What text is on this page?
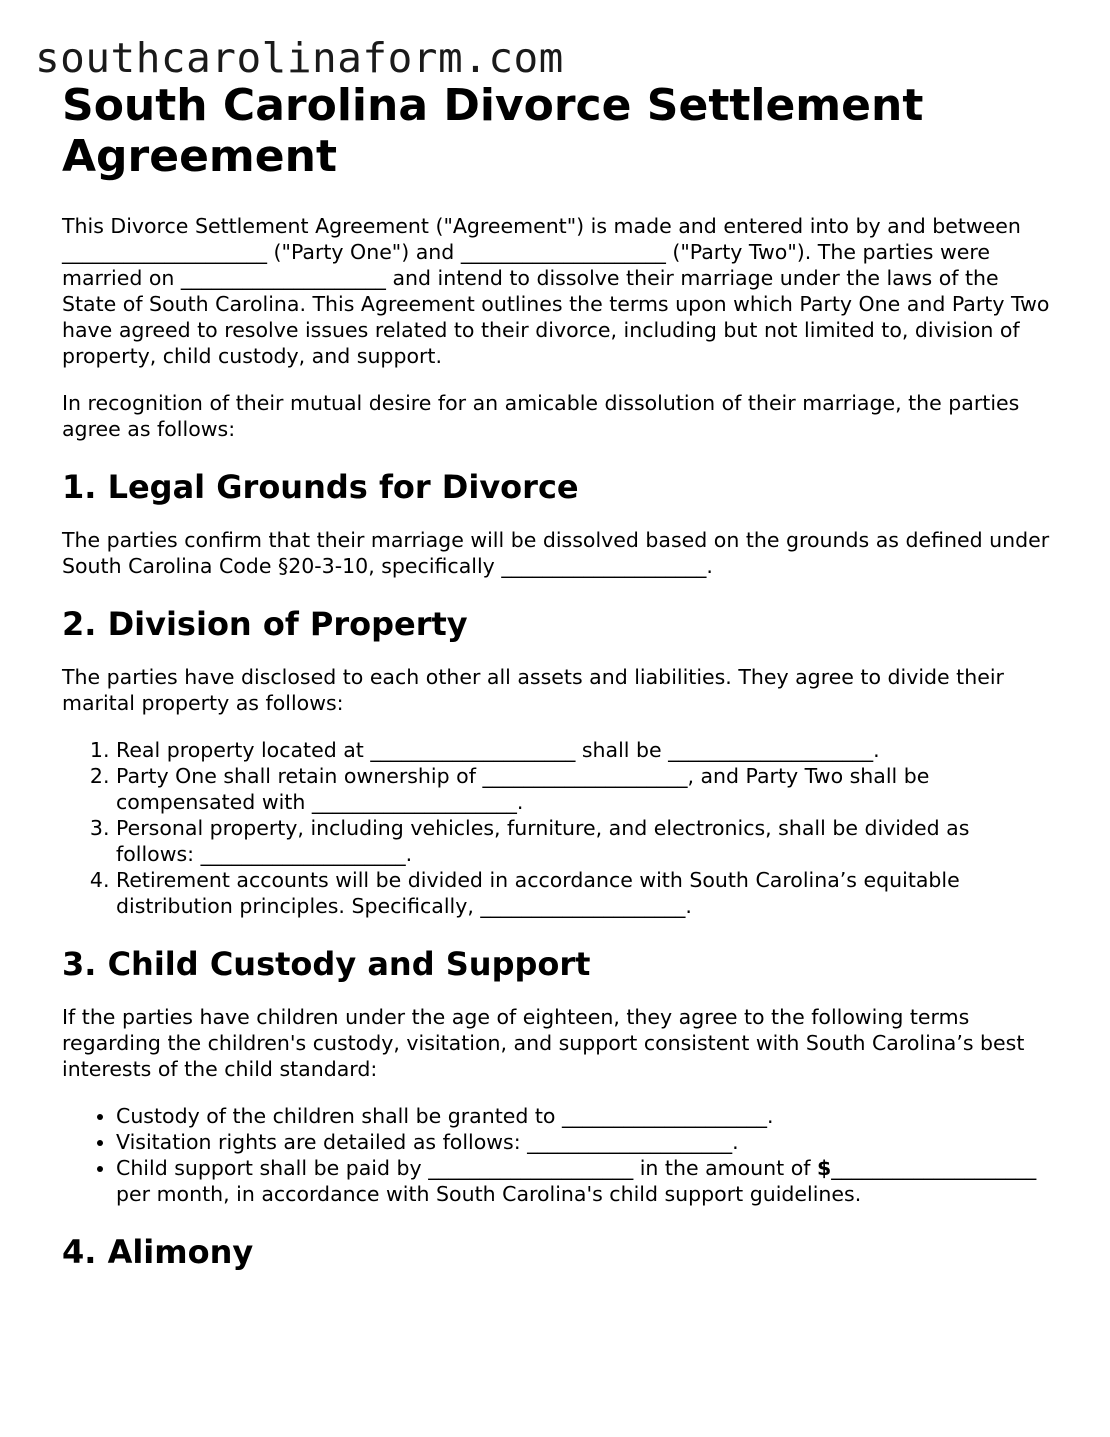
southcarolinaform.com
South Carolina Divorce Settlement Agreement

This Divorce Settlement Agreement ("Agreement") is made and entered into by and between ____________________ ("Party One") and ____________________ ("Party Two"). The parties were married on ____________________ and intend to dissolve their marriage under the laws of the State of South Carolina. This Agreement outlines the terms upon which Party One and Party Two have agreed to resolve issues related to their divorce, including but not limited to, division of property, child custody, and support.

In recognition of their mutual desire for an amicable dissolution of their marriage, the parties agree as follows:

1. Legal Grounds for Divorce

The parties confirm that their marriage will be dissolved based on the grounds as defined under South Carolina Code §20-3-10, specifically ____________________.

2. Division of Property

The parties have disclosed to each other all assets and liabilities. They agree to divide their marital property as follows:

1. Real property located at ____________________ shall be ____________________.
2. Party One shall retain ownership of ____________________, and Party Two shall be compensated with ____________________.
3. Personal property, including vehicles, furniture, and electronics, shall be divided as follows: ____________________.
4. Retirement accounts will be divided in accordance with South Carolina’s equitable distribution principles. Specifically, ____________________.
3. Child Custody and Support

If the parties have children under the age of eighteen, they agree to the following terms regarding the children's custody, visitation, and support consistent with South Carolina’s best interests of the child standard:

• Custody of the children shall be granted to ____________________.
• Visitation rights are detailed as follows: ____________________.
• Child support shall be paid by ____________________ in the amount of $____________________ per month, in accordance with South Carolina's child support guidelines.
4. Alimony
